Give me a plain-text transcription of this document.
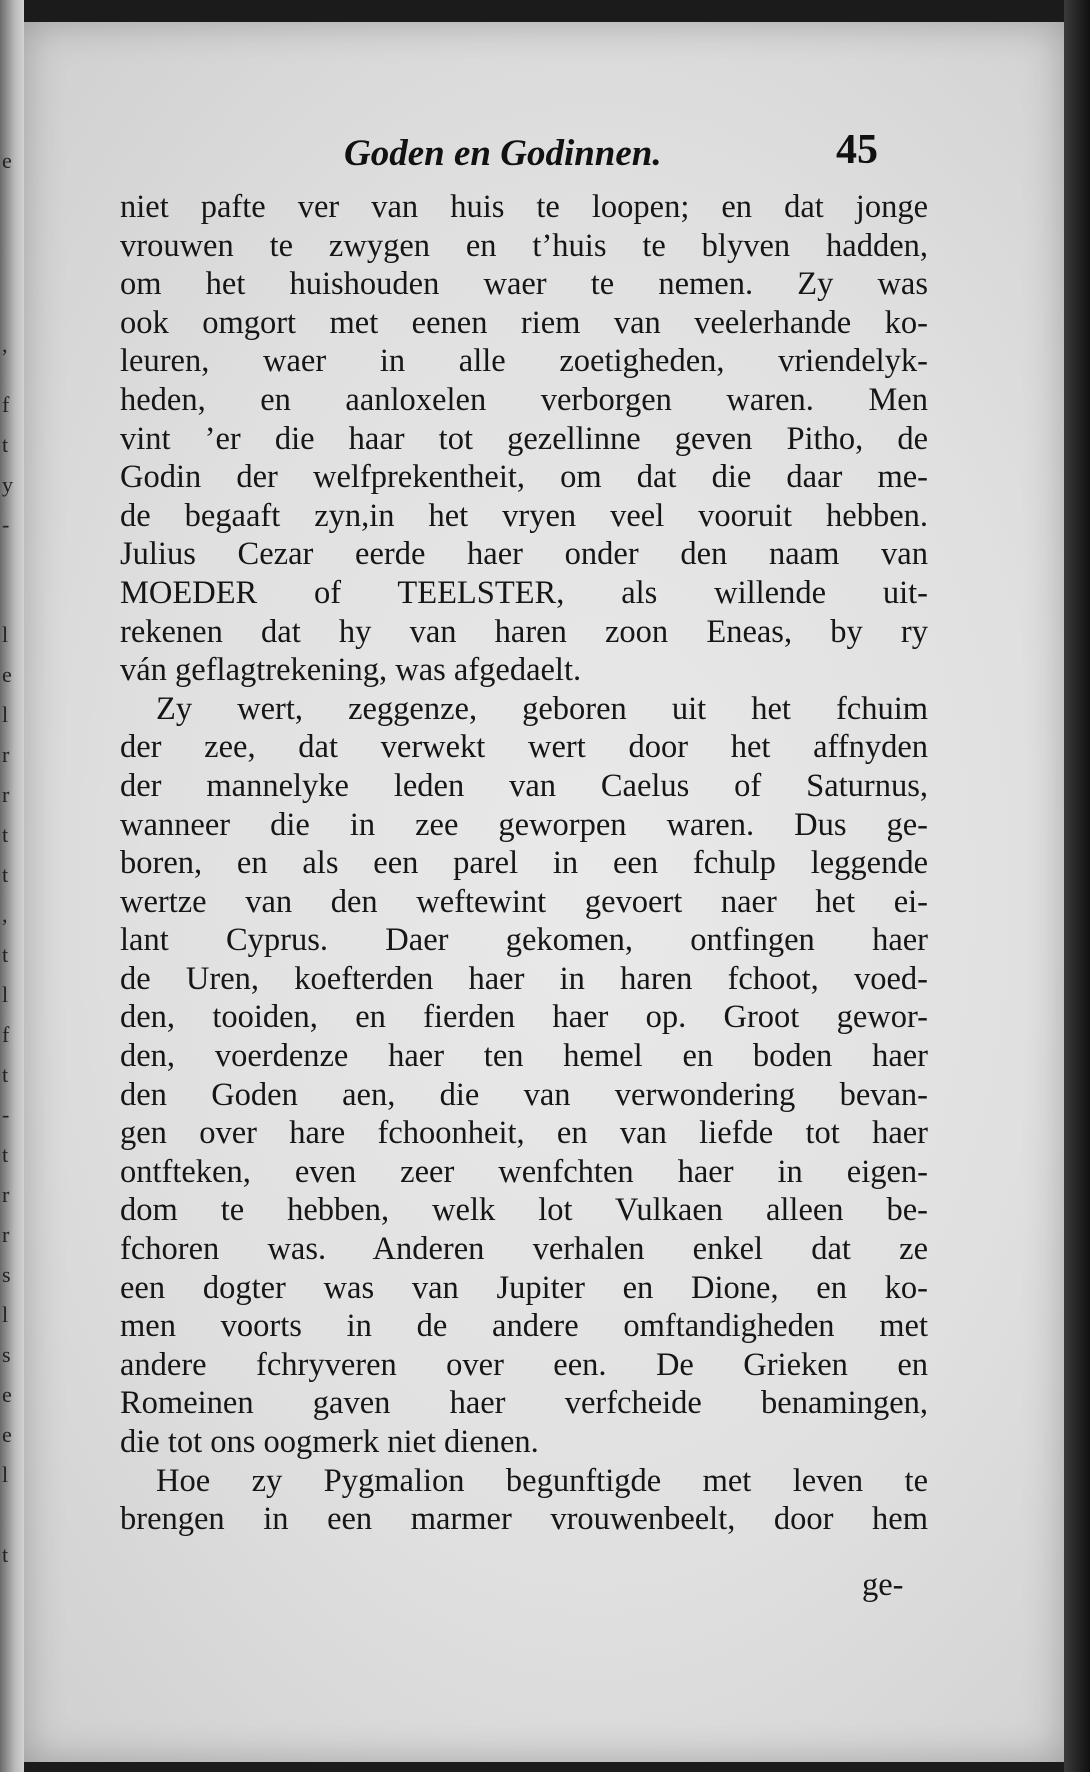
e
,
f
t
y
-
l
e
l
r
r
t
t
,
t
l
f
t
-
t
r
r
s
l
s
e
e
l
t
Goden en Godinnen.	45
niet pafte ver van huis te loopen; en dat jonge
vrouwen te zwygen en t’huis te blyven hadden,
om het huishouden waer te nemen. Zy was
ook omgort met eenen riem van veelerhande ko-
leuren, waer in alle zoetigheden, vriendelyk-
heden, en aanloxelen verborgen waren. Men
vint ’er die haar tot gezellinne geven Pitho, de
Godin der welfprekentheit, om dat die daar me-
de begaaft zyn,in het vryen veel vooruit hebben.
Julius Cezar eerde haer onder den naam van
MOEDER of TEELSTER, als willende uit-
rekenen dat hy van haren zoon Eneas, by ry
ván geflagtrekening, was afgedaelt.
Zy wert, zeggenze, geboren uit het fchuim
der zee, dat verwekt wert door het affnyden
der mannelyke leden van Caelus of Saturnus,
wanneer die in zee geworpen waren. Dus ge-
boren, en als een parel in een fchulp leggende
wertze van den weftewint gevoert naer het ei-
lant Cyprus. Daer gekomen, ontfingen haer
de Uren, koefterden haer in haren fchoot, voed-
den, tooiden, en fierden haer op. Groot gewor-
den, voerdenze haer ten hemel en boden haer
den Goden aen, die van verwondering bevan-
gen over hare fchoonheit, en van liefde tot haer
ontfteken, even zeer wenfchten haer in eigen-
dom te hebben, welk lot Vulkaen alleen be-
fchoren was. Anderen verhalen enkel dat ze
een dogter was van Jupiter en Dione, en ko-
men voorts in de andere omftandigheden met
andere fchryveren over een. De Grieken en
Romeinen gaven haer verfcheide benamingen,
die tot ons oogmerk niet dienen.
Hoe zy Pygmalion begunftigde met leven te
brengen in een marmer vrouwenbeelt, door hem
ge-
